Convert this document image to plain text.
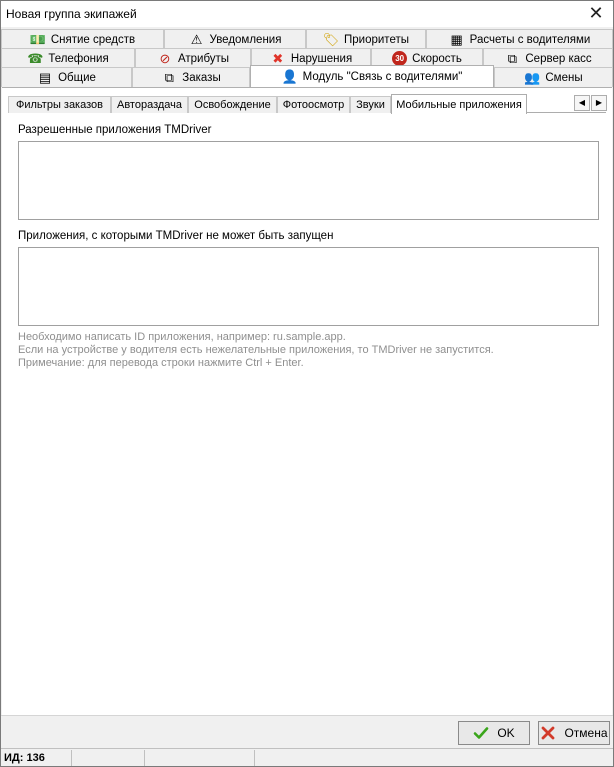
Новая группа экипажей	✕
💵 Снятие средств	⚠ Уведомления	🏷 Приоритеты	▦ Расчеты с водителями
☎ Телефония	⊘ Атрибуты	✖ Нарушения	30 Скорость	⧉ Сервер касс
▤ Общие	⧉ Заказы	👤 Модуль "Связь с водителями"	👥 Смены
Фильтры заказов	Автораздача	Освобождение	Фотоосмотр	Звуки	Мобильные приложения	◀	▶
Разрешенные приложения TMDriver
Приложения, с которыми TMDriver не может быть запущен
Необходимо написать ID приложения, например: ru.sample.app.
Если на устройстве у водителя есть нежелательные приложения, то TMDriver не запустится.
Примечание: для перевода строки нажмите Ctrl + Enter.
OK	Отмена
ИД: 136
